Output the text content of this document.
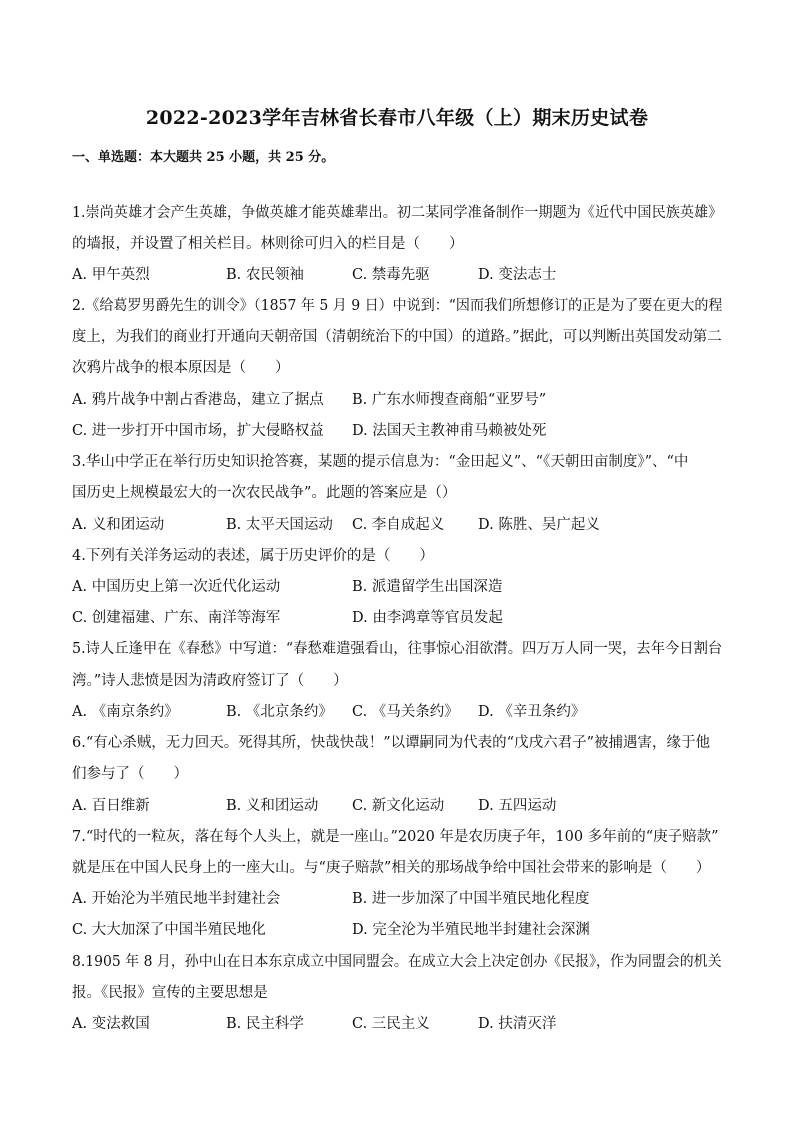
2022-2023学年吉林省长春市八年级（上）期末历史试卷
一、单选题：本大题共 25 小题，共 25 分。
1.崇尚英雄才会产生英雄，争做英雄才能英雄辈出。初二某同学准备制作一期题为《近代中国民族英雄》
的墙报，并设置了相关栏目。林则徐可归入的栏目是（　　）
A. 甲午英烈	B. 农民领袖	C. 禁毒先驱	D. 变法志士
2.《给葛罗男爵先生的训令》（1857 年 5 月 9 日）中说到：“因而我们所想修订的正是为了要在更大的程
度上，为我们的商业打开通向天朝帝国（清朝统治下的中国）的道路。”据此，可以判断出英国发动第二
次鸦片战争的根本原因是（　　）
A. 鸦片战争中割占香港岛，建立了据点 B. 广东水师搜查商船“亚罗号”
C. 进一步打开中国市场，扩大侵略权益 D. 法国天主教神甫马赖被处死
3.华山中学正在举行历史知识抢答赛，某题的提示信息为：“金田起义”、“《天朝田亩制度》”、“中
国历史上规模最宏大的一次农民战争”。此题的答案应是（）
A. 义和团运动	B. 太平天国运动 C. 李自成起义 D. 陈胜、吴广起义
4.下列有关洋务运动的表述，属于历史评价的是（　　）
A. 中国历史上第一次近代化运动	B. 派遣留学生出国深造
C. 创建福建、广东、南洋等海军	D. 由李鸿章等官员发起
5.诗人丘逢甲在《春愁》中写道：“春愁难遣强看山，往事惊心泪欲潸。四万万人同一哭，去年今日割台
湾。”诗人悲愤是因为清政府签订了（　　）
A. 《南京条约》	B. 《北京条约》 C. 《马关条约》 D. 《辛丑条约》
6.“有心杀贼，无力回天。死得其所，快哉快哉！”以谭嗣同为代表的“戊戌六君子”被捕遇害，缘于他
们参与了（　　）
A. 百日维新	B. 义和团运动 C. 新文化运动 D. 五四运动
7.“时代的一粒灰，落在每个人头上，就是一座山。”2020 年是农历庚子年，100 多年前的“庚子赔款”
就是压在中国人民身上的一座大山。与“庚子赔款”相关的那场战争给中国社会带来的影响是（　　）
A. 开始沦为半殖民地半封建社会	B. 进一步加深了中国半殖民地化程度
C. 大大加深了中国半殖民地化	D. 完全沦为半殖民地半封建社会深渊
8.1905 年 8 月，孙中山在日本东京成立中国同盟会。在成立大会上决定创办《民报》，作为同盟会的机关
报。《民报》宣传的主要思想是
A. 变法救国	B. 民主科学	C. 三民主义	D. 扶清灭洋
